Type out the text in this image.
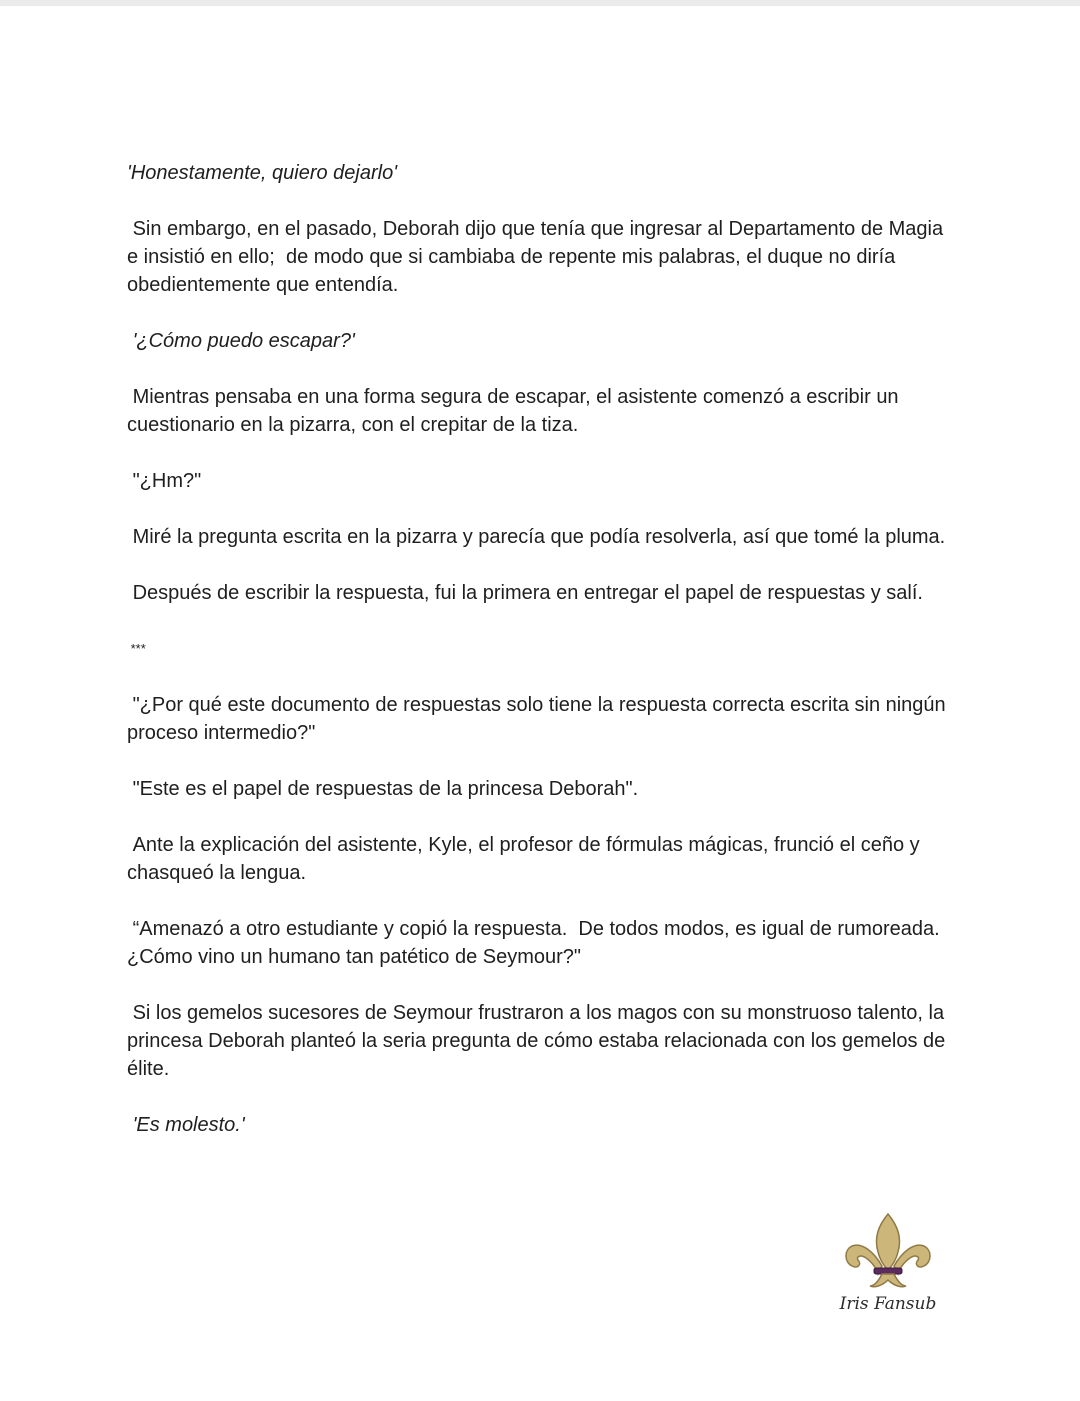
'Honestamente, quiero dejarlo'

Sin embargo, en el pasado, Deborah dijo que tenía que ingresar al Departamento de Magia e insistió en ello;  de modo que si cambiaba de repente mis palabras, el duque no diría obedientemente que entendía.

'¿Cómo puedo escapar?'

Mientras pensaba en una forma segura de escapar, el asistente comenzó a escribir un cuestionario en la pizarra, con el crepitar de la tiza.

"¿Hm?"

Miré la pregunta escrita en la pizarra y parecía que podía resolverla, así que tomé la pluma.

Después de escribir la respuesta, fui la primera en entregar el papel de respuestas y salí.

***

"¿Por qué este documento de respuestas solo tiene la respuesta correcta escrita sin ningún proceso intermedio?"

"Este es el papel de respuestas de la princesa Deborah".

Ante la explicación del asistente, Kyle, el profesor de fórmulas mágicas, frunció el ceño y chasqueó la lengua.

“Amenazó a otro estudiante y copió la respuesta.  De todos modos, es igual de rumoreada.  ¿Cómo vino un humano tan patético de Seymour?"

Si los gemelos sucesores de Seymour frustraron a los magos con su monstruoso talento, la princesa Deborah planteó la seria pregunta de cómo estaba relacionada con los gemelos de élite.

'Es molesto.'

Iris Fansub
